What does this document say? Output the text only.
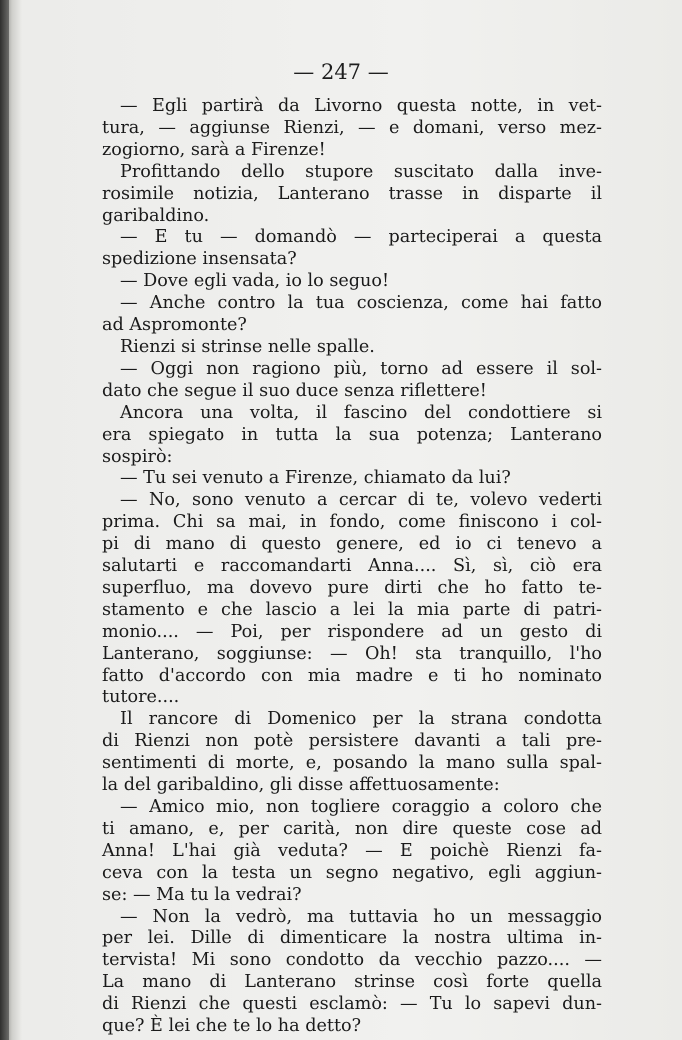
— 247 —
— Egli partirà da Livorno questa notte, in vet-
tura, — aggiunse Rienzi, — e domani, verso mez-
zogiorno, sarà a Firenze!
Profittando dello stupore suscitato dalla inve-
rosimile notizia, Lanterano trasse in disparte il
garibaldino.
— E tu — domandò — parteciperai a questa
spedizione insensata?
— Dove egli vada, io lo seguo!
— Anche contro la tua coscienza, come hai fatto
ad Aspromonte?
Rienzi si strinse nelle spalle.
— Oggi non ragiono più, torno ad essere il sol-
dato che segue il suo duce senza riflettere!
Ancora una volta, il fascino del condottiere si
era spiegato in tutta la sua potenza; Lanterano
sospirò:
— Tu sei venuto a Firenze, chiamato da lui?
— No, sono venuto a cercar di te, volevo vederti
prima. Chi sa mai, in fondo, come finiscono i col-
pi di mano di questo genere, ed io ci tenevo a
salutarti e raccomandarti Anna.... Sì, sì, ciò era
superfluo, ma dovevo pure dirti che ho fatto te-
stamento e che lascio a lei la mia parte di patri-
monio.... — Poi, per rispondere ad un gesto di
Lanterano, soggiunse: — Oh! sta tranquillo, l'ho
fatto d'accordo con mia madre e ti ho nominato
tutore....
Il rancore di Domenico per la strana condotta
di Rienzi non potè persistere davanti a tali pre-
sentimenti di morte, e, posando la mano sulla spal-
la del garibaldino, gli disse affettuosamente:
— Amico mio, non togliere coraggio a coloro che
ti amano, e, per carità, non dire queste cose ad
Anna! L'hai già veduta? — E poichè Rienzi fa-
ceva con la testa un segno negativo, egli aggiun-
se: — Ma tu la vedrai?
— Non la vedrò, ma tuttavia ho un messaggio
per lei. Dille di dimenticare la nostra ultima in-
tervista! Mi sono condotto da vecchio pazzo.... —
La mano di Lanterano strinse così forte quella
di Rienzi che questi esclamò: — Tu lo sapevi dun-
que? È lei che te lo ha detto?
